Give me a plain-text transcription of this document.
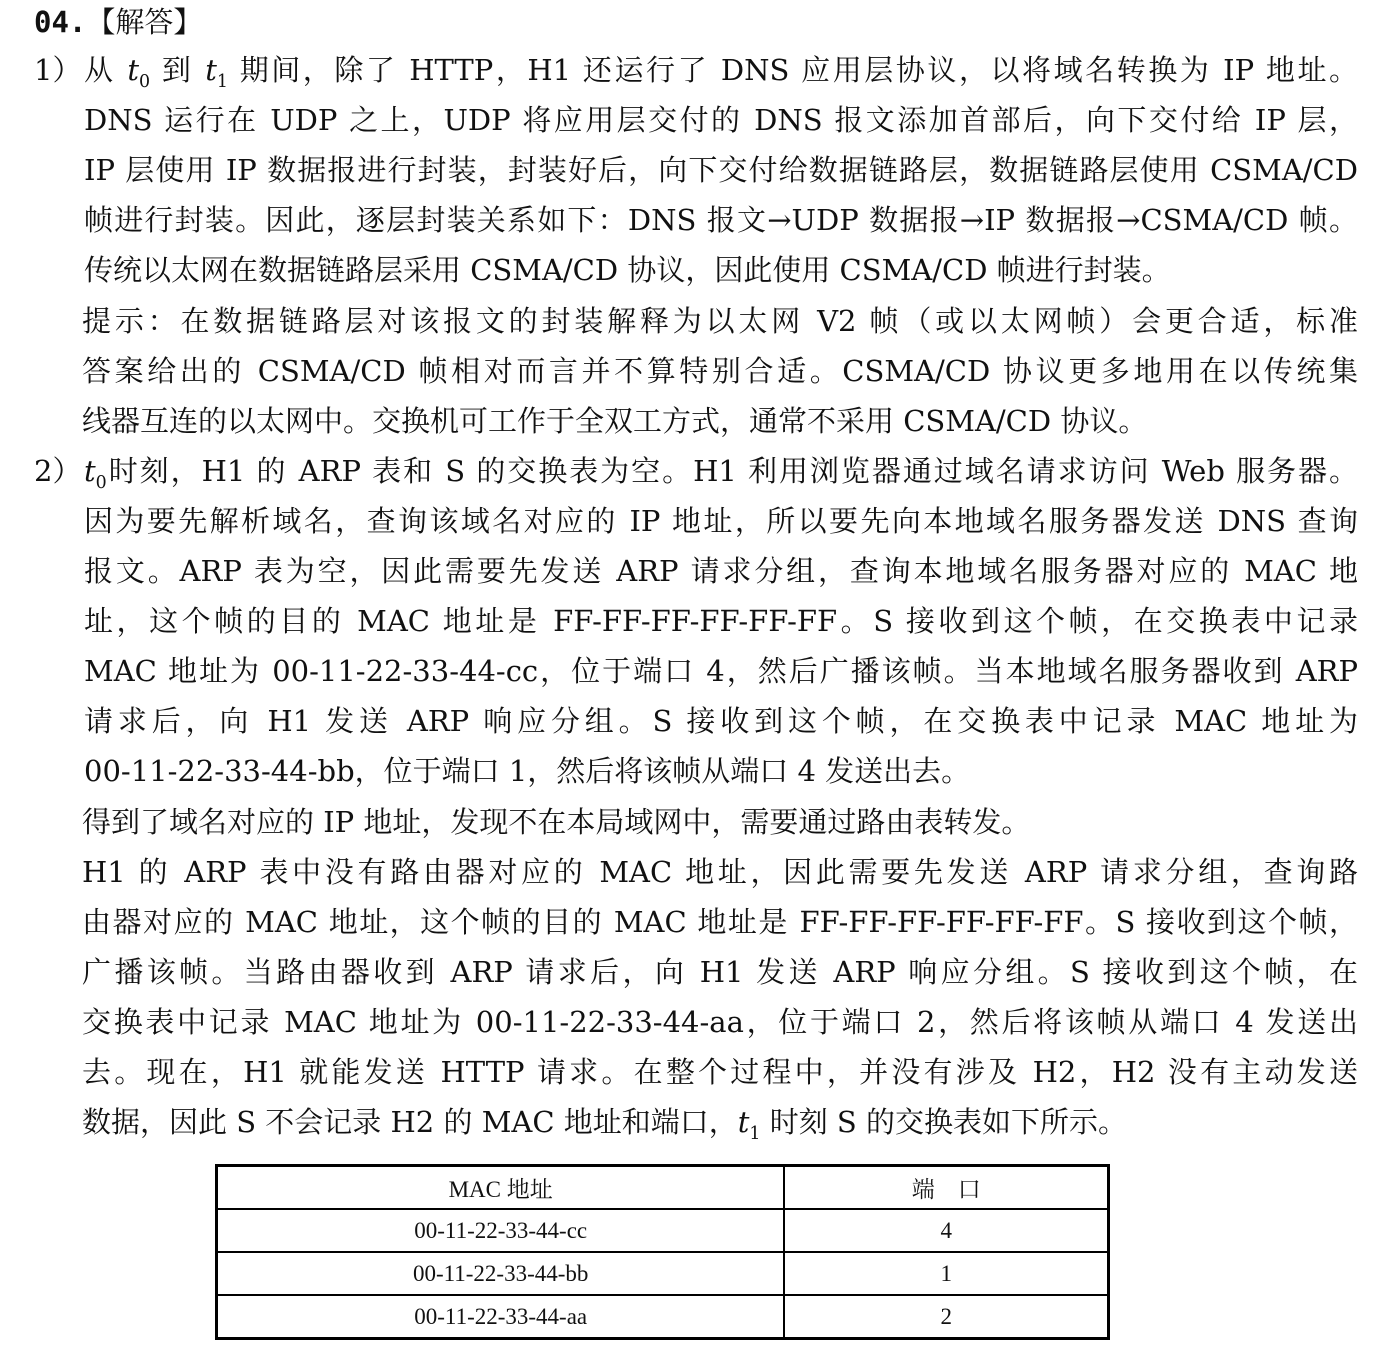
04.【解答】
1） 从 $t_0$ 到 $t_1$ 期间，除了 HTTP，H1 还运行了 DNS 应用层协议，以将域名转换为 IP 地址。
DNS 运行在 UDP 之上，UDP 将应用层交付的 DNS 报文添加首部后，向下交付给 IP 层，
IP 层使用 IP 数据报进行封装，封装好后，向下交付给数据链路层，数据链路层使用 CSMA/CD
帧进行封装。因此，逐层封装关系如下：DNS 报文→UDP 数据报→IP 数据报→CSMA/CD 帧。
传统以太网在数据链路层采用 CSMA/CD 协议，因此使用 CSMA/CD 帧进行封装。
提示：在数据链路层对该报文的封装解释为以太网 V2 帧（或以太网帧）会更合适，标准
答案给出的 CSMA/CD 帧相对而言并不算特别合适。CSMA/CD 协议更多地用在以传统集
线器互连的以太网中。交换机可工作于全双工方式，通常不采用 CSMA/CD 协议。
2） $t_0$时刻，H1 的 ARP 表和 S 的交换表为空。H1 利用浏览器通过域名请求访问 Web 服务器。
因为要先解析域名，查询该域名对应的 IP 地址，所以要先向本地域名服务器发送 DNS 查询
报文。ARP 表为空，因此需要先发送 ARP 请求分组，查询本地域名服务器对应的 MAC 地
址，这个帧的目的 MAC 地址是 FF-FF-FF-FF-FF-FF。S 接收到这个帧，在交换表中记录
MAC 地址为 00-11-22-33-44-cc，位于端口 4，然后广播该帧。当本地域名服务器收到 ARP
请求后，向 H1 发送 ARP 响应分组。S 接收到这个帧，在交换表中记录 MAC 地址为
00-11-22-33-44-bb，位于端口 1，然后将该帧从端口 4 发送出去。
得到了域名对应的 IP 地址，发现不在本局域网中，需要通过路由表转发。
H1 的 ARP 表中没有路由器对应的 MAC 地址，因此需要先发送 ARP 请求分组，查询路
由器对应的 MAC 地址，这个帧的目的 MAC 地址是 FF-FF-FF-FF-FF-FF。S 接收到这个帧，
广播该帧。当路由器收到 ARP 请求后，向 H1 发送 ARP 响应分组。S 接收到这个帧，在
交换表中记录 MAC 地址为 00-11-22-33-44-aa，位于端口 2，然后将该帧从端口 4 发送出
去。现在，H1 就能发送 HTTP 请求。在整个过程中，并没有涉及 H2，H2 没有主动发送
数据，因此 S 不会记录 H2 的 MAC 地址和端口，$t_1$ 时刻 S 的交换表如下所示。
MAC 地址	端　口
00-11-22-33-44-cc	4
00-11-22-33-44-bb	1
00-11-22-33-44-aa	2
